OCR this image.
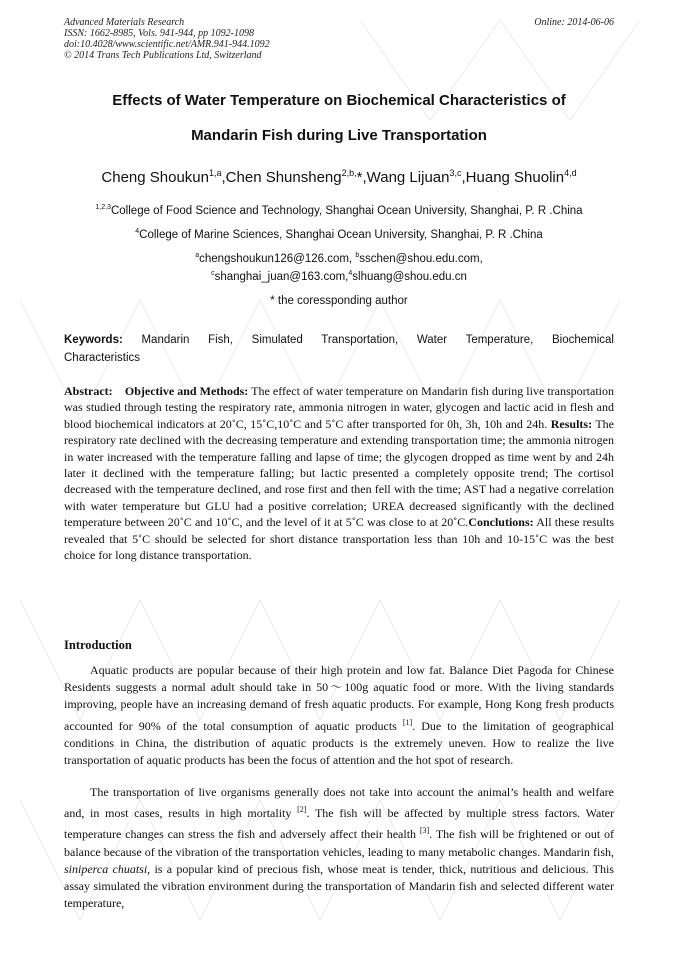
Advanced Materials Research
ISSN: 1662-8985, Vols. 941-944, pp 1092-1098
doi:10.4028/www.scientific.net/AMR.941-944.1092
© 2014 Trans Tech Publications Ltd, Switzerland
Online: 2014-06-06
Effects of Water Temperature on Biochemical Characteristics of
Mandarin Fish during Live Transportation
Cheng Shoukun$^{1,a}$,Chen Shunsheng$^{2,b,}$*,Wang Lijuan$^{3,c}$,Huang Shuolin$^{4,d}$
$^{1,2,3}$College of Food Science and Technology, Shanghai Ocean University, Shanghai, P. R .China
$^4$College of Marine Sciences, Shanghai Ocean University, Shanghai, P. R .China
$^a$chengshoukun126@126.com, $^b$sschen@shou.edu.com,
$^c$shanghai_juan@163.com,$^4$slhuang@shou.edu.cn
* the coressponding author
Keywords: Mandarin Fish, Simulated Transportation, Water Temperature, Biochemical
Characteristics
Abstract: Objective and Methods: The effect of water temperature on Mandarin fish during live transportation was studied through testing the respiratory rate, ammonia nitrogen in water, glycogen and lactic acid in flesh and blood biochemical indicators at 20˚C, 15˚C,10˚C and 5˚C after transported for 0h, 3h, 10h and 24h. Results: The respiratory rate declined with the decreasing temperature and extending transportation time; the ammonia nitrogen in water increased with the temperature falling and lapse of time; the glycogen dropped as time went by and 24h later it declined with the temperature falling; but lactic presented a completely opposite trend; The cortisol decreased with the temperature declined, and rose first and then fell with the time; AST had a negative correlation with water temperature but GLU had a positive correlation; UREA decreased significantly with the declined temperature between 20˚C and 10˚C, and the level of it at 5˚C was close to at 20˚C.Conclutions: All these results revealed that 5˚C should be selected for short distance transportation less than 10h and 10-15˚C was the best choice for long distance transportation.
Introduction
Aquatic products are popular because of their high protein and low fat. Balance Diet Pagoda for Chinese Residents suggests a normal adult should take in 50～100g aquatic food or more. With the living standards improving, people have an increasing demand of fresh aquatic products. For example, Hong Kong fresh products accounted for 90% of the total consumption of aquatic products [1]. Due to the limitation of geographical conditions in China, the distribution of aquatic products is the extremely uneven. How to realize the live transportation of aquatic products has been the focus of attention and the hot spot of research.
The transportation of live organisms generally does not take into account the animal’s health and welfare and, in most cases, results in high mortality [2]. The fish will be affected by multiple stress factors. Water temperature changes can stress the fish and adversely affect their health [3]. The fish will be frightened or out of balance because of the vibration of the transportation vehicles, leading to many metabolic changes. Mandarin fish, siniperca chuatsi, is a popular kind of precious fish, whose meat is tender, thick, nutritious and delicious. This assay simulated the vibration environment during the transportation of Mandarin fish and selected different water temperature,
